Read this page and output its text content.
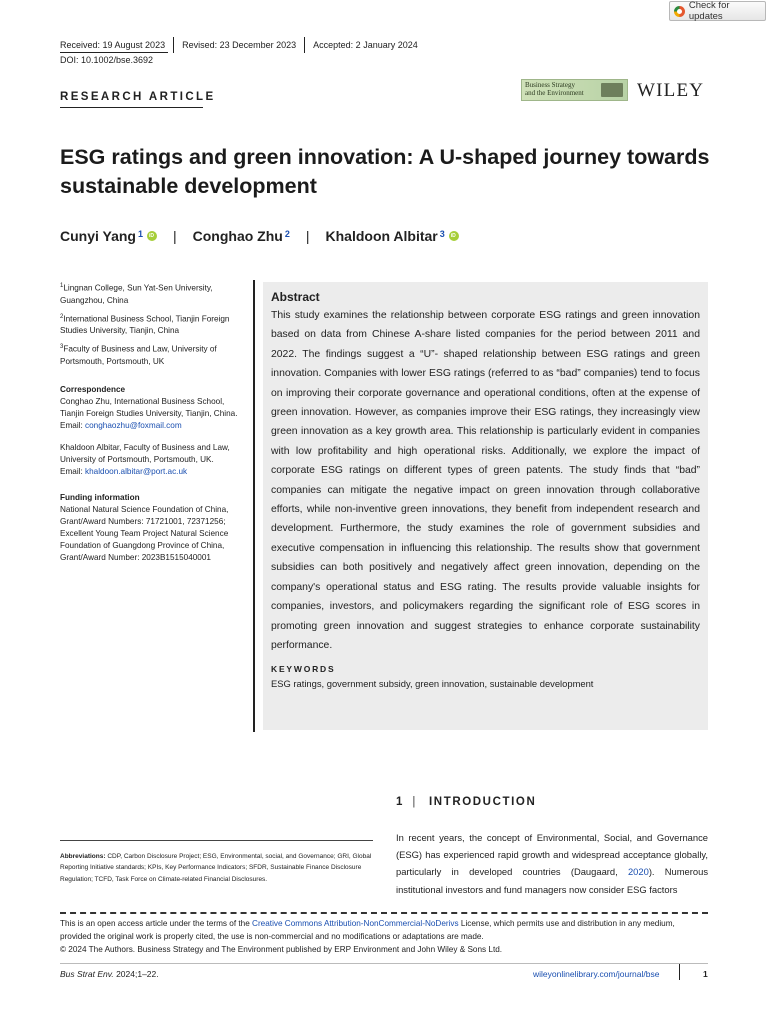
Check for updates
Received: 19 August 2023	Revised: 23 December 2023	Accepted: 2 January 2024
DOI: 10.1002/bse.3692
RESEARCH ARTICLE
Business Strategy
and the Environment	WILEY
ESG ratings and green innovation: A U-shaped journey towards sustainable development
Cunyi Yang$^1$
iD | Conghao Zhu$^2$ | Khaldoon Albitar$^3$
iD
$^1$Lingnan College, Sun Yat-Sen University, Guangzhou, China
$^2$International Business School, Tianjin Foreign Studies University, Tianjin, China
$^3$Faculty of Business and Law, University of Portsmouth, Portsmouth, UK
Correspondence
Conghao Zhu, International Business School, Tianjin Foreign Studies University, Tianjin, China.
Email: conghaozhu@foxmail.com
Khaldoon Albitar, Faculty of Business and Law, University of Portsmouth, Portsmouth, UK.
Email: khaldoon.albitar@port.ac.uk
Funding information
National Natural Science Foundation of China, Grant/Award Numbers: 71721001, 72371256; Excellent Young Team Project Natural Science Foundation of Guangdong Province of China, Grant/Award Number: 2023B1515040001
Abstract
This study examines the relationship between corporate ESG ratings and green innovation based on data from Chinese A-share listed companies for the period between 2011 and 2022. The findings suggest a “U”- shaped relationship between ESG ratings and green innovation. Companies with lower ESG ratings (referred to as “bad” companies) tend to focus on improving their corporate governance and operational conditions, often at the expense of green innovation. However, as companies improve their ESG ratings, they increasingly view green innovation as a key growth area. This relationship is particularly evident in companies with low profitability and high operational risks. Additionally, we explore the impact of corporate ESG ratings on different types of green patents. The study finds that “bad” companies can mitigate the negative impact on green innovation through collaborative efforts, while non-inventive green innovations, they benefit from independent research and development. Furthermore, the study examines the role of government subsidies and executive compensation in influencing this relationship. The results show that government subsidies can both positively and negatively affect green innovation, depending on the company's operational status and ESG rating. The results provide valuable insights for companies, investors, and policymakers regarding the significant role of ESG scores in promoting green innovation and suggest strategies to enhance corporate sustainability performance.
KEYWORDS
ESG ratings, government subsidy, green innovation, sustainable development
1 | INTRODUCTION
In recent years, the concept of Environmental, Social, and Governance (ESG) has experienced rapid growth and widespread acceptance globally, particularly in developed countries (Daugaard, 2020). Numerous institutional investors and fund managers now consider ESG factors
Abbreviations: CDP, Carbon Disclosure Project; ESG, Environmental, social, and Governance; GRI, Global Reporting Initiative standards; KPIs, Key Performance Indicators; SFDR, Sustainable Finance Disclosure Regulation; TCFD, Task Force on Climate-related Financial Disclosures.
This is an open access article under the terms of the Creative Commons Attribution-NonCommercial-NoDerivs License, which permits use and distribution in any medium, provided the original work is properly cited, the use is non-commercial and no modifications or adaptations are made.
© 2024 The Authors. Business Strategy and The Environment published by ERP Environment and John Wiley & Sons Ltd.
Bus Strat Env. 2024;1–22.	wileyonlinelibrary.com/journal/bse	1
